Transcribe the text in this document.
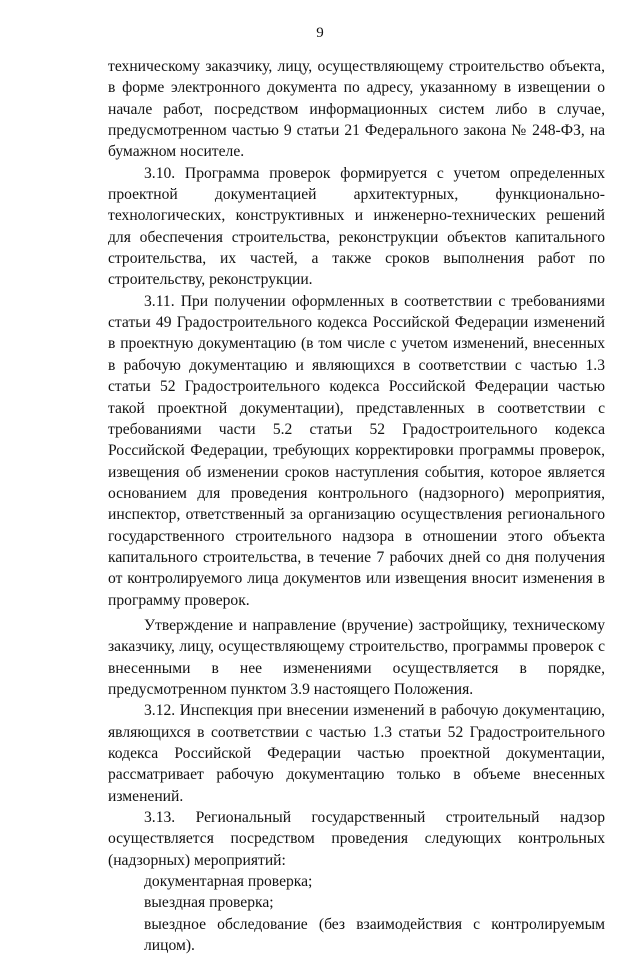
9

техническому заказчику, лицу, осуществляющему строительство объекта, в форме электронного документа по адресу, указанному в извещении о начале работ, посредством информационных систем либо в случае, предусмотренном частью 9 статьи 21 Федерального закона № 248-ФЗ, на бумажном носителе.

3.10. Программа проверок формируется с учетом определенных проектной документацией архитектурных, функционально-технологических, конструктивных и инженерно-технических решений для обеспечения строительства, реконструкции объектов капитального строительства, их частей, а также сроков выполнения работ по строительству, реконструкции.

3.11. При получении оформленных в соответствии с требованиями статьи 49 Градостроительного кодекса Российской Федерации изменений в проектную документацию (в том числе с учетом изменений, внесенных в рабочую документацию и являющихся в соответствии с частью 1.3 статьи 52 Градостроительного кодекса Российской Федерации частью такой проектной документации), представленных в соответствии с требованиями части 5.2 статьи 52 Градостроительного кодекса Российской Федерации, требующих корректировки программы проверок, извещения об изменении сроков наступления события, которое является основанием для проведения контрольного (надзорного) мероприятия, инспектор, ответственный за организацию осуществления регионального государственного строительного надзора в отношении этого объекта капитального строительства, в течение 7 рабочих дней со дня получения от контролируемого лица документов или извещения вносит изменения в программу проверок.

Утверждение и направление (вручение) застройщику, техническому заказчику, лицу, осуществляющему строительство, программы проверок с внесенными в нее изменениями осуществляется в порядке, предусмотренном пунктом 3.9 настоящего Положения.

3.12. Инспекция при внесении изменений в рабочую документацию, являющихся в соответствии с частью 1.3 статьи 52 Градостроительного кодекса Российской Федерации частью проектной документации, рассматривает рабочую документацию только в объеме внесенных изменений.

3.13. Региональный государственный строительный надзор осуществляется посредством проведения следующих контрольных (надзорных) мероприятий:

документарная проверка;

выездная проверка;

выездное обследование (без взаимодействия с контролируемым лицом).
